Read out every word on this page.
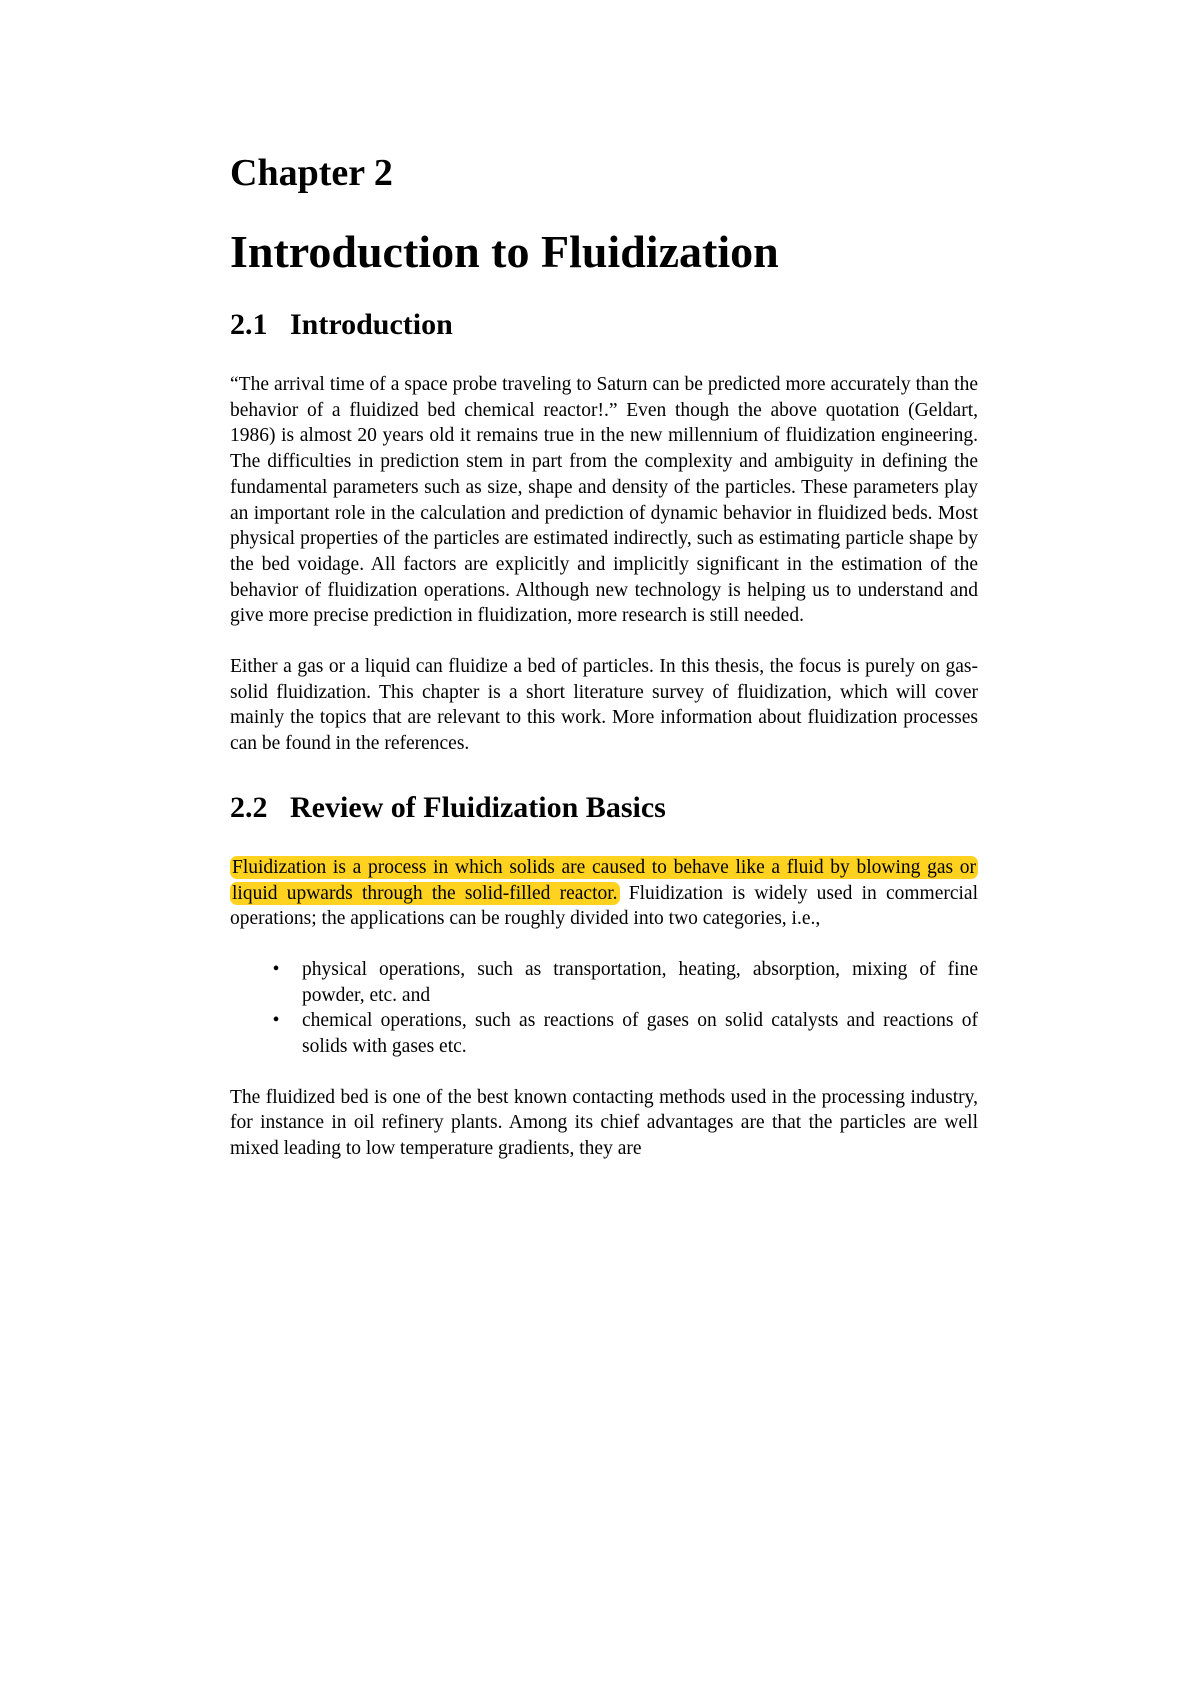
Chapter 2
Introduction to Fluidization
2.1 Introduction

“The arrival time of a space probe traveling to Saturn can be predicted more accurately than the behavior of a fluidized bed chemical reactor!.” Even though the above quotation (Geldart, 1986) is almost 20 years old it remains true in the new millennium of fluidization engineering. The difficulties in prediction stem in part from the complexity and ambiguity in defining the fundamental parameters such as size, shape and density of the particles. These parameters play an important role in the calculation and prediction of dynamic behavior in fluidized beds. Most physical properties of the particles are estimated indirectly, such as estimating particle shape by the bed voidage. All factors are explicitly and implicitly significant in the estimation of the behavior of fluidization operations. Although new technology is helping us to understand and give more precise prediction in fluidization, more research is still needed.

Either a gas or a liquid can fluidize a bed of particles. In this thesis, the focus is purely on gas-solid fluidization. This chapter is a short literature survey of fluidization, which will cover mainly the topics that are relevant to this work. More information about fluidization processes can be found in the references.

2.2 Review of Fluidization Basics

Fluidization is a process in which solids are caused to behave like a fluid by blowing gas or liquid upwards through the solid-filled reactor. Fluidization is widely used in commercial operations; the applications can be roughly divided into two categories, i.e.,

•	physical operations, such as transportation, heating, absorption, mixing of fine powder, etc. and
•	chemical operations, such as reactions of gases on solid catalysts and reactions of solids with gases etc.

The fluidized bed is one of the best known contacting methods used in the processing industry, for instance in oil refinery plants. Among its chief advantages are that the particles are well mixed leading to low temperature gradients, they are
